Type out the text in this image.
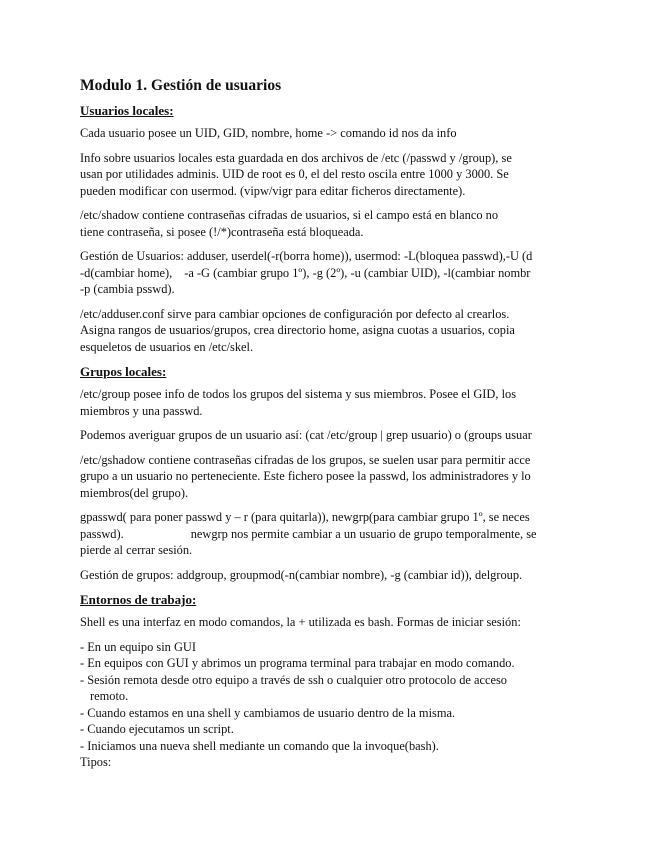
Modulo 1. Gestión de usuarios
Usuarios locales:
Cada usuario posee un UID, GID, nombre, home -> comando id nos da info
Info sobre usuarios locales esta guardada en dos archivos de /etc (/passwd y /group), se
usan por utilidades adminis. UID de root es 0, el del resto oscila entre 1000 y 3000. Se
pueden modificar con usermod. (vipw/vigr para editar ficheros directamente).
/etc/shadow contiene contraseñas cifradas de usuarios, si el campo está en blanco no
tiene contraseña, si posee (!/*)contraseña está bloqueada.
Gestión de Usuarios: adduser, userdel(-r(borra home)), usermod: -L(bloquea passwd),-U (d
-d(cambiar home), -a -G (cambiar grupo 1º), -g (2º), -u (cambiar UID), -l(cambiar nombr
-p (cambia psswd).
/etc/adduser.conf sirve para cambiar opciones de configuración por defecto al crearlos.
Asigna rangos de usuarios/grupos, crea directorio home, asigna cuotas a usuarios, copia
esqueletos de usuarios en /etc/skel.
Grupos locales:
/etc/group posee info de todos los grupos del sistema y sus miembros. Posee el GID, los
miembros y una passwd.
Podemos averiguar grupos de un usuario así: (cat /etc/group | grep usuario) o (groups usuar
/etc/gshadow contiene contraseñas cifradas de los grupos, se suelen usar para permitir acce
grupo a un usuario no perteneciente. Este fichero posee la passwd, los administradores y lo
miembros(del grupo).
gpasswd( para poner passwd y – r (para quitarla)), newgrp(para cambiar grupo 1º, se neces
passwd).	newgrp nos permite cambiar a un usuario de grupo temporalmente, se
pierde al cerrar sesión.
Gestión de grupos: addgroup, groupmod(-n(cambiar nombre), -g (cambiar id)), delgroup.
Entornos de trabajo:
Shell es una interfaz en modo comandos, la + utilizada es bash. Formas de iniciar sesión:
- En un equipo sin GUI
- En equipos con GUI y abrimos un programa terminal para trabajar en modo comando.
- Sesión remota desde otro equipo a través de ssh o cualquier otro protocolo de acceso
remoto.
- Cuando estamos en una shell y cambiamos de usuario dentro de la misma.
- Cuando ejecutamos un script.
- Iniciamos una nueva shell mediante un comando que la invoque(bash).
Tipos:
